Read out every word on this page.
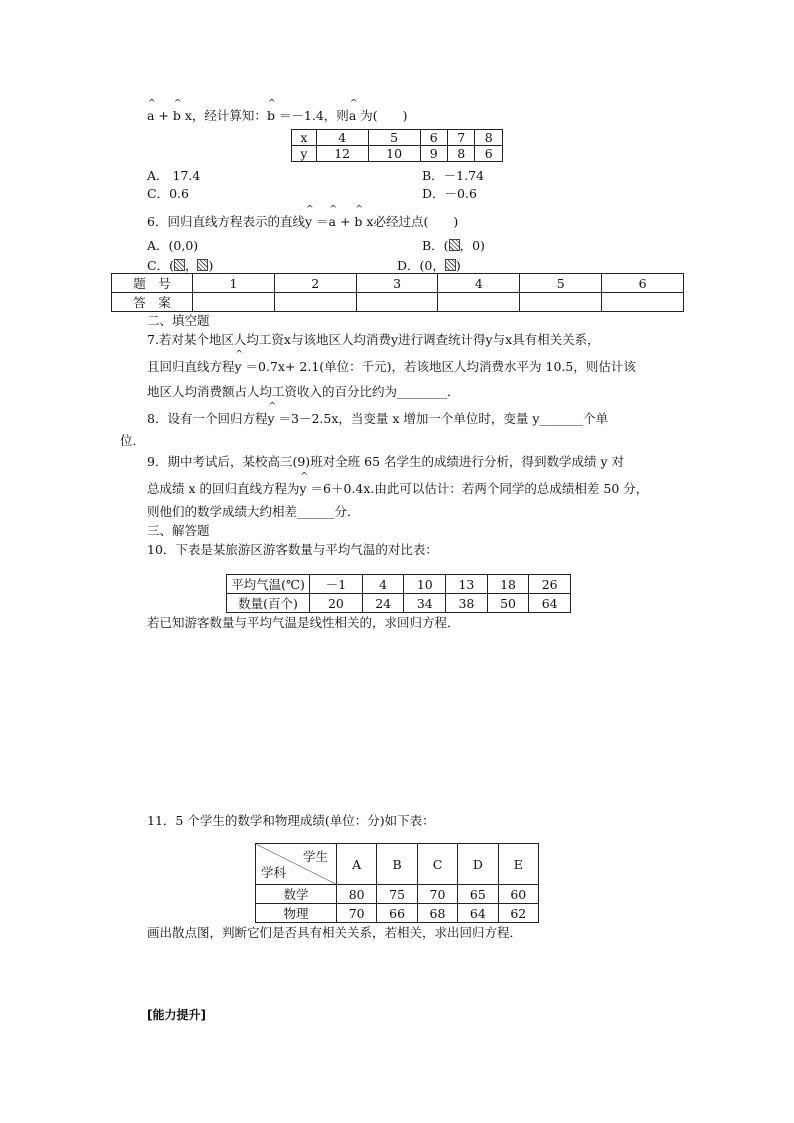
^ a + ^ b x，经计算知：^ b ＝－1.4，则^ a 为(　　)
x	4	5	6	7	8
y	12	10	9	8	6
A.　17.4	B．－1.74
C．0.6	D．－0.6
6．回归直线方程表示的直线^ y ＝^ a + ^ b x必经过点(　　)
A．(0,0)	B．( ，0)
C．( ， )	D．(0， )
题　号	1	2	3	4	5	6
答　案						
二、填空题
7.若对某个地区人均工资x与该地区人均消费y进行调查统计得y与x具有相关关系，
且回归直线方程^ y ＝0.7x+ 2.1(单位：千元)，若该地区人均消费水平为 10.5，则估计该
地区人均消费额占人均工资收入的百分比约为________．
8．设有一个回归方程^ y ＝3－2.5x，当变量 x 增加一个单位时，变量 y_______个单
位．
9．期中考试后，某校高三(9)班对全班 65 名学生的成绩进行分析，得到数学成绩 y 对
总成绩 x 的回归直线方程为^ y ＝6＋0.4x.由此可以估计：若两个同学的总成绩相差 50 分，
则他们的数学成绩大约相差______分．
三、解答题
10．下表是某旅游区游客数量与平均气温的对比表：
平均气温(℃)	－1	4	10	13	18	26
数量(百个)	20	24	34	38	50	64
若已知游客数量与平均气温是线性相关的，求回归方程．
11．5 个学生的数学和物理成绩(单位：分)如下表：
学生
学科	A	B	C	D	E
数学	80	75	70	65	60
物理	70	66	68	64	62
画出散点图，判断它们是否具有相关关系，若相关，求出回归方程．
[能力提升]
